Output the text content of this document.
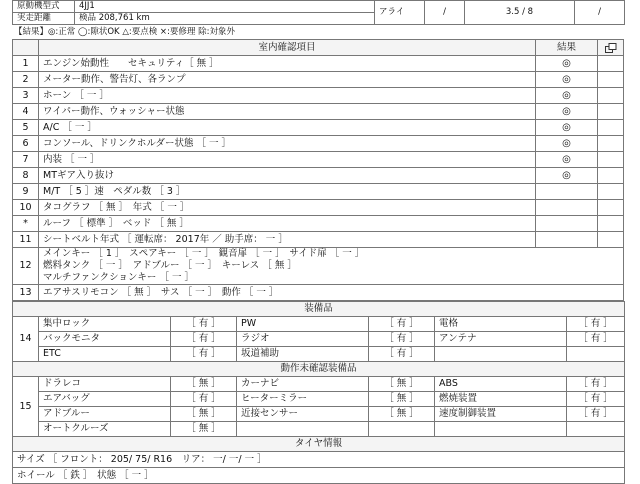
原動機型式	4JJ1	アライ	/	3.5 / 8	/
実走距離	検品 208,761 km				
【結果】◎:正常 ◯:隙状OK △:要点検 ×:要修理 除:対象外
	室内確認項目	結果	
1	エンジン始動性　　セキュリティ［ 無 ］	◎	
2	メーター動作、警告灯、各ランプ	◎	
3	ホーン ［ 一 ］	◎	
4	ワイパー動作、ウォッシャー状態	◎	
5	A/C ［ 一 ］	◎	
6	コンソール、ドリンクホルダー状態 ［ 一 ］	◎	
7	内装 ［ 一 ］	◎	
8	MTギア入り抜け	◎	
9	M/T ［ 5 ］速　ペダル数 ［ 3 ］		
10	タコグラフ ［ 無 ］　年式 ［ 一 ］		
*	ルーフ ［ 標準 ］　ベッド ［ 無 ］		
11	シートベルト年式 ［ 運転席： 2017年 ／ 助手席： 一 ］		
12	メインキー ［ 1 ］　スペアキー ［ 一 ］　観音扉 ［ 一 ］　サイド扉 ［ 一 ］
燃料タンク ［ 一 ］　アドブルー ［ 一 ］　キーレス ［ 無 ］
マルチファンクションキー ［ 一 ］		

13	エアサスリモコン ［ 無 ］　サス ［ 一 ］　動作 ［ 一 ］		
装備品						
14	集中ロック	［ 有 ］	PW	［ 有 ］	電格	［ 有 ］
	バックモニタ	［ 有 ］	ラジオ	［ 有 ］	アンテナ	［ 有 ］
	ETC	［ 有 ］	坂道補助	［ 有 ］		
動作未確認装備品						
15	ドラレコ	［ 無 ］	カーナビ	［ 無 ］	ABS	［ 有 ］
	エアバッグ	［ 有 ］	ヒーターミラー	［ 無 ］	燃焼装置	［ 有 ］
	アドブルー	［ 無 ］	近接センサー	［ 無 ］	速度制御装置	［ 有 ］
	オートクルーズ	［ 無 ］				
タイヤ情報						
サイズ ［ フロント： 205/ 75/ R16　リア： 一/ 一/ 一 ］						
ホイール ［ 鉄 ］　状態 ［ 一 ］						
